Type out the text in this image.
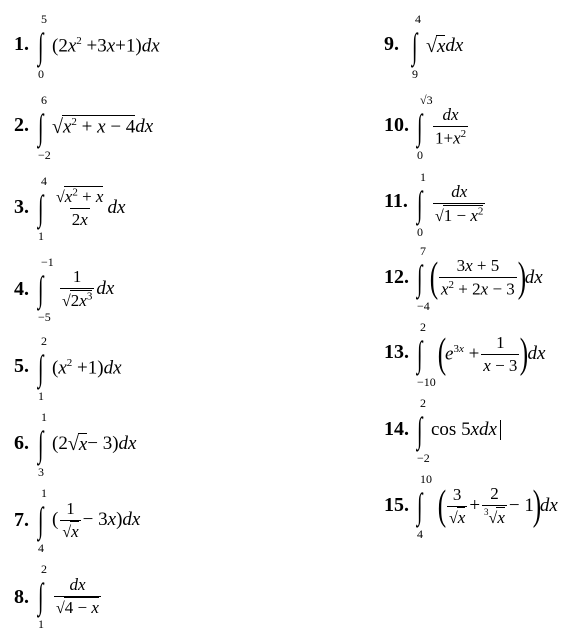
1. ∫
5
0
$(2x^2 +3x+1)dx$
2. ∫
6
−2
√ $x^2 + x - 4$ dx
3. ∫
4
1
$\frac{√x^2 + x}{2x}$ dx
4. ∫
−1
−5
$\frac{1}{√2x^3}$ dx
5. ∫
2
1
$(x^2 +1)dx$
6. ∫
1
3
(2 √ x − 3)dx
7. ∫
1
4
( $\frac{1}{√x} - 3x)dx$
8. ∫
2
1
$\frac{dx}{√4 - x}$
9. ∫
4
9
√ x dx
10. ∫
√3
0
$\frac{dx}{1+x^2}$
11. ∫
1
0
$\frac{dx}{√1 - x^2}$
12. ∫
7
−4
( $\frac{3x + 5}{x^2 + 2x - 3}$ )
dx
13. ∫
2
−10
(
$e^{3x} + \frac{1}{x - 3}$ )
dx
14. ∫
2
−2
cos 5xdx
15. ∫
10
4
( $\frac{3}{√x} + \frac{2}{^3√x} - 1$
)
dx
